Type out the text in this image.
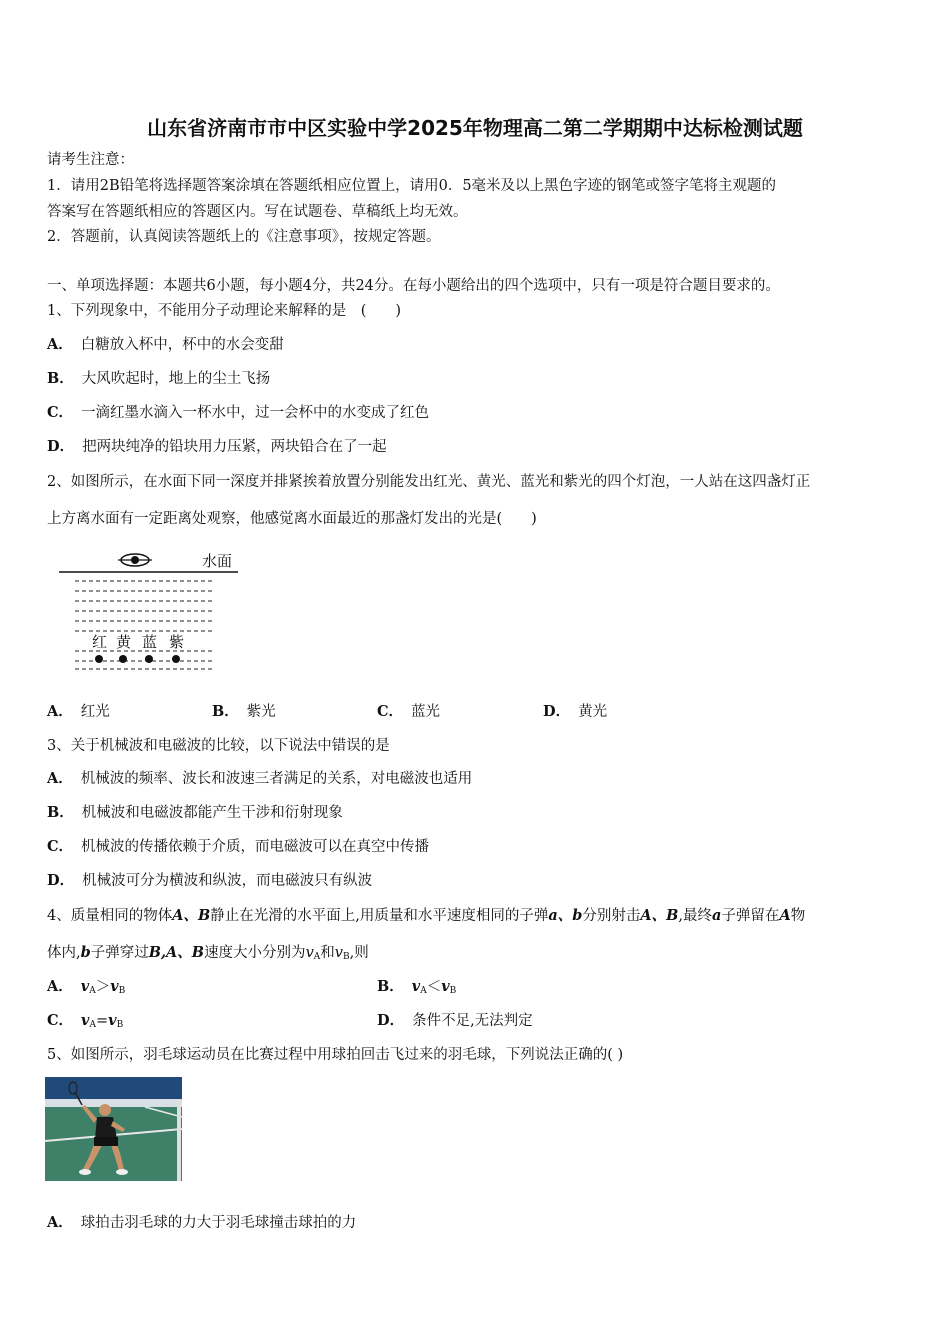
山东省济南市市中区实验中学2025年物理高二第二学期期中达标检测试题
请考生注意：
1．请用2B铅笔将选择题答案涂填在答题纸相应位置上，请用0．5毫米及以上黑色字迹的钢笔或签字笔将主观题的
答案写在答题纸相应的答题区内。写在试题卷、草稿纸上均无效。
2．答题前，认真阅读答题纸上的《注意事项》，按规定答题。
一、单项选择题：本题共6小题，每小题4分，共24分。在每小题给出的四个选项中，只有一项是符合题目要求的。
1、下列现象中，不能用分子动理论来解释的是　(　　)
A． 白糖放入杯中，杯中的水会变甜
B． 大风吹起时，地上的尘土飞扬
C． 一滴红墨水滴入一杯水中，过一会杯中的水变成了红色
D． 把两块纯净的铅块用力压紧，两块铅合在了一起
2、如图所示，在水面下同一深度并排紧挨着放置分别能发出红光、黄光、蓝光和紫光的四个灯泡，一人站在这四盏灯正
上方离水面有一定距离处观察，他感觉离水面最近的那盏灯发出的光是(　　)
水面
红 黄 蓝 紫
A． 红光	B． 紫光	C． 蓝光	D． 黄光
3、关于机械波和电磁波的比较，以下说法中错误的是
A． 机械波的频率、波长和波速三者满足的关系，对电磁波也适用
B． 机械波和电磁波都能产生干涉和衍射现象
C． 机械波的传播依赖于介质，而电磁波可以在真空中传播
D． 机械波可分为横波和纵波，而电磁波只有纵波
4、质量相同的物体A、B静止在光滑的水平面上,用质量和水平速度相同的子弹a、b分别射击A、B,最终a子弹留在A物
体内,b子弹穿过B,A、B速度大小分别为$v_A$和$v_B$,则
A． $v_A>v_B$	B． $v_A<v_B$
C． $v_A=v_B$	D． 条件不足,无法判定
5、如图所示，羽毛球运动员在比赛过程中用球拍回击飞过来的羽毛球，下列说法正确的( )
A． 球拍击羽毛球的力大于羽毛球撞击球拍的力
